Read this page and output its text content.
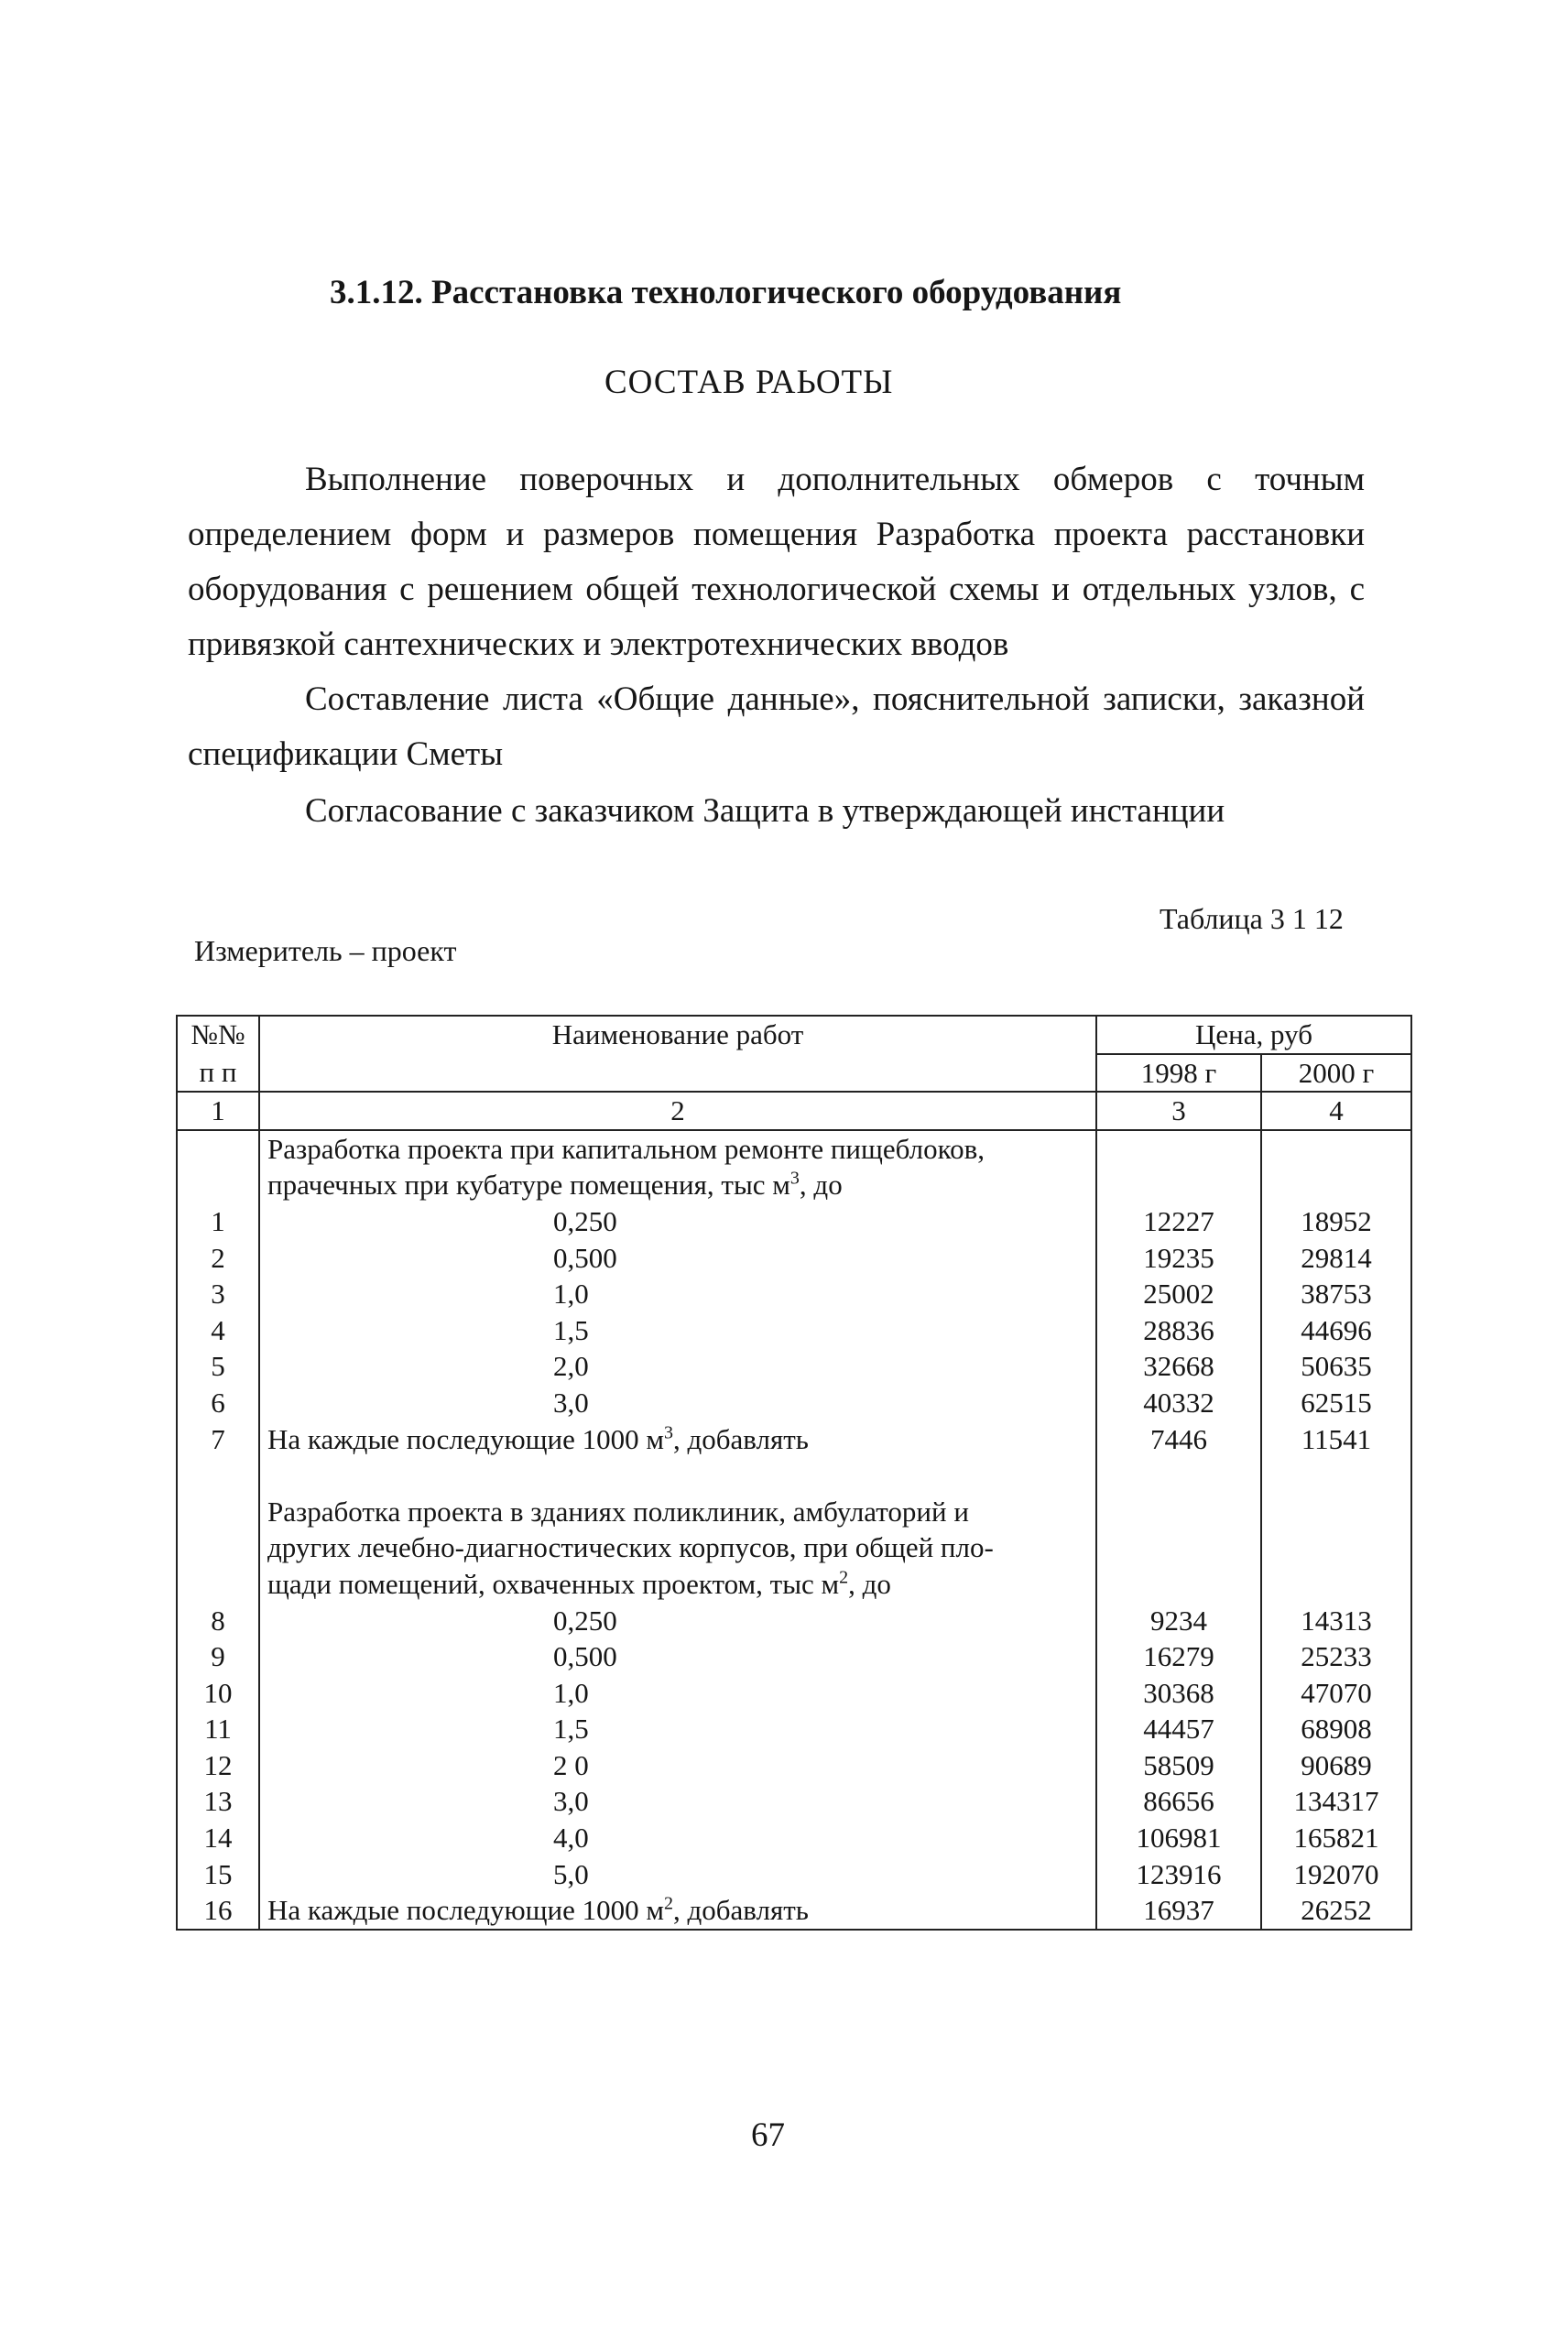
3.1.12. Расстановка технологического оборудования
СОСТАВ РАЬОТЫ
Выполнение поверочных и дополнительных обмеров с точным определением форм и размеров помещения Разработка проекта расстановки оборудования с решением общей технологической схемы и отдельных узлов, с привязкой сантехнических и электротехнических вводов
Составление листа «Общие данные», пояснительной записки, заказной спецификации Сметы
Согласование с заказчиком Защита в утверждающей инстанции
Таблица 3 1 12
Измеритель – проект
№№	Наименование работ	Цена, руб	
п п		1998 г	2000 г
1	2	3	4
	Разработка проекта при капитальном ремонте пищеблоков,		
	прачечных при кубатуре помещения, тыс $м^3$, до		
1	0,250	12227	18952
2	0,500	19235	29814
3	1,0	25002	38753
4	1,5	28836	44696
5	2,0	32668	50635
6	3,0	40332	62515
7	На каждые последующие 1000 $м^3$, добавлять	7446	11541

	Разработка проекта в зданиях поликлиник, амбулаторий и		
	других лечебно-диагностических корпусов, при общей пло-		
	щади помещений, охваченных проектом, тыс $м^2$, до		
8	0,250	9234	14313
9	0,500	16279	25233
10	1,0	30368	47070
11	1,5	44457	68908
12	2 0	58509	90689
13	3,0	86656	134317
14	4,0	106981	165821
15	5,0	123916	192070
16	На каждые последующие 1000 $м^2$, добавлять	16937	26252
67
